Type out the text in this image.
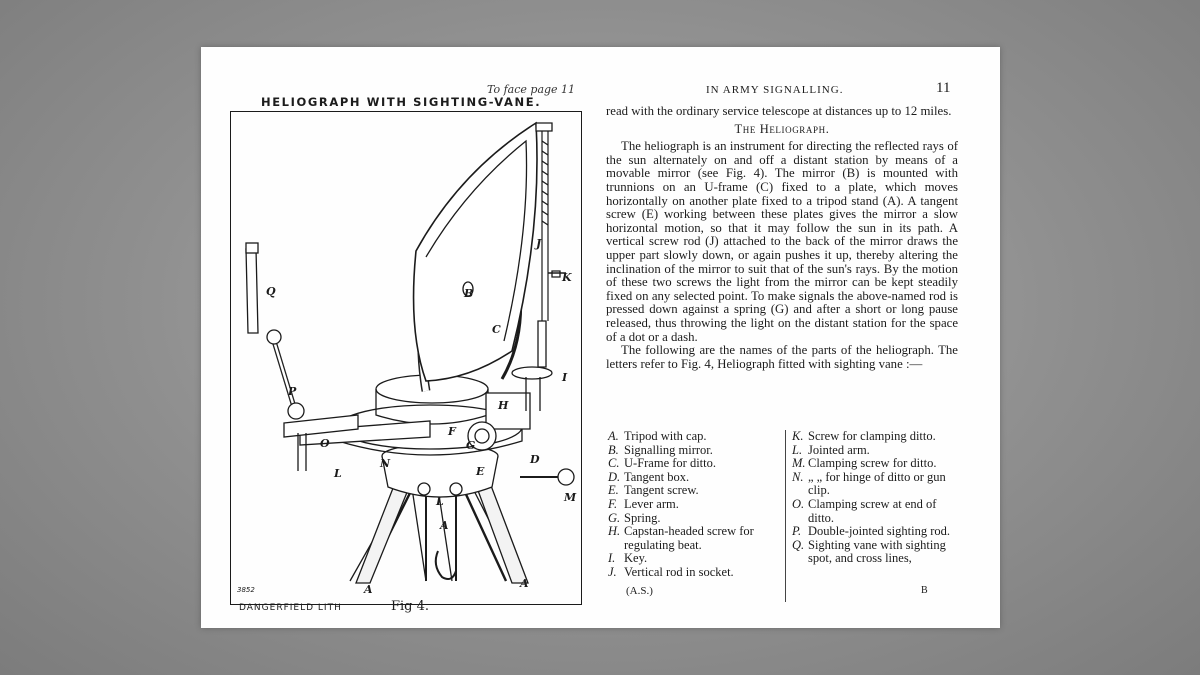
To face page 11
HELIOGRAPH WITH SIGHTING-VANE.
Q
P
O
L
N
B
C
J
K
I
H
F
G
E
D
L	M
A
A	A
3852
DANGERFIELD LITH	Fig 4.
IN ARMY SIGNALLING.	11

read with the ordinary service telescope at distances up to 12 miles.

The Heliograph.

The heliograph is an instrument for directing the reflected rays of the sun alternately on and off a distant station by means of a movable mirror (see Fig. 4). The mirror (B) is mounted with trunnions on an U-frame (C) fixed to a plate, which moves horizontally on another plate fixed to a tripod stand (A). A tangent screw (E) working between these plates gives the mirror a slow horizontal motion, so that it may follow the sun in its path. A vertical screw rod (J) attached to the back of the mirror draws the upper part slowly down, or again pushes it up, thereby altering the inclination of the mirror to suit that of the sun's rays. By the motion of these two screws the light from the mirror can be kept steadily fixed on any selected point. To make signals the above-named rod is pressed down against a spring (G) and after a short or long pause released, thus throwing the light on the distant station for the space of a dot or a dash.

The following are the names of the parts of the heliograph. The letters refer to Fig. 4, Heliograph fitted with sighting vane :—

A. Tripod with cap.
B. Signalling mirror.
C. U-Frame for ditto.
D. Tangent box.
E. Tangent screw.
F. Lever arm.
G. Spring.
H. Capstan-headed screw for regulating beat.
I. Key.
J. Vertical rod in socket.
K. Screw for clamping ditto.
L. Jointed arm.
M. Clamping screw for ditto.
N. „ „ for hinge of ditto or gun clip.
O. Clamping screw at end of ditto.
P. Double-jointed sighting rod.
Q. Sighting vane with sighting spot, and cross lines,
(A.S.)	B
